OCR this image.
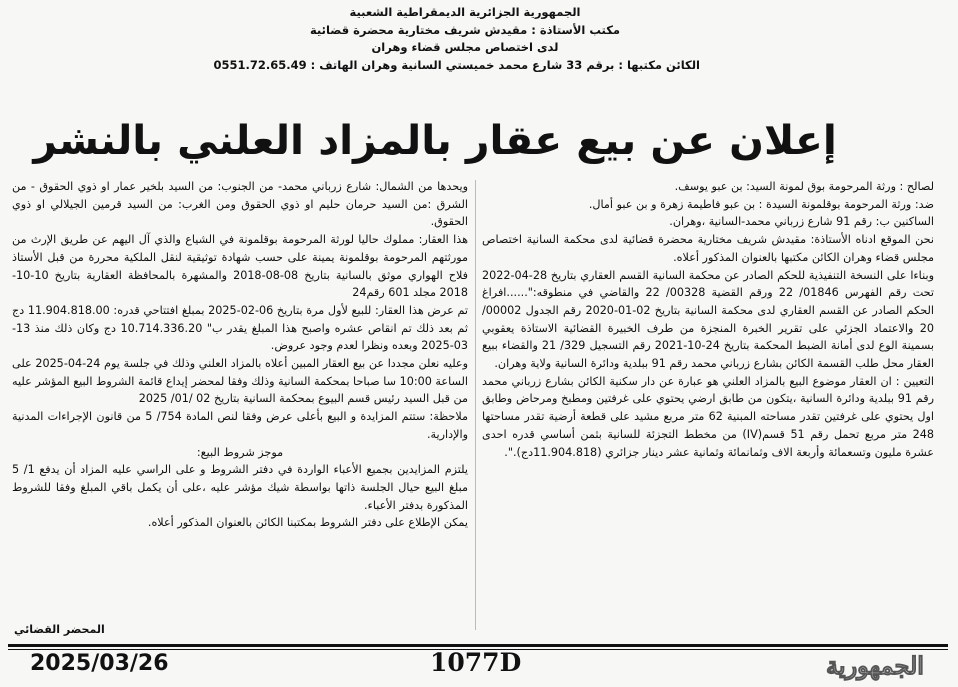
الجمهورية الجزائرية الديمقراطية الشعبية
مكتب الأستاذة : مقيدش شريف مختارية محضرة قضائية
لدى اختصاص مجلس قضاء وهران
الكائن مكتبها : برقم 33 شارع محمد خميستي السانية وهران الهاتف : 0551.72.65.49
إعلان عن بيع عقار بالمزاد العلني بالنشر

لصالح : ورثة المرحومة بوق لمونة السيد: بن عبو يوسف.

ضد: ورثة المرحومة بوقلمونة السيدة : بن عبو فاطيمة زهرة و بن عبو أمال.

الساكنين ب: رقم 91 شارع زرباني محمد-السانية ،وهران.

نحن الموقع ادناه الأستاذة: مقيدش شريف مختارية محضرة قضائية لدى محكمة السانية اختصاص مجلس قضاء وهران الكائن مكتبها بالعنوان المذكور أعلاه.

وبناءا على النسخة التنفيذية للحكم الصادر عن محكمة السانية القسم العقاري بتاريخ 28-04-2022 تحت رقم الفهرس 01846/ 22 ورقم القضية 00328/ 22 والقاضي في منطوقه:"......افراغ الحكم الصادر عن القسم العقاري لدى محكمة السانية بتاريخ 02-01-2020 رقم الجدول 00002/ 20 والاعتماد الجزئي على تقرير الخبرة المنجزة من طرف الخبيرة القضائية الاستاذة يعقوبي بسمينة الوع لدى أمانة الضبط المحكمة بتاريخ 24-10-2021 رقم التسجيل 329/ 21 والقضاء ببيع العقار محل طلب القسمة الكائن بشارع زرباني محمد رقم 91 ببلدية ودائرة السانية ولاية وهران.

التعيين : ان العقار موضوع البيع بالمزاد العلني هو عبارة عن دار سكنية الكائن بشارع زرباني محمد رقم 91 ببلدية ودائرة السانية ،يتكون من طابق ارضي يحتوي على غرفتين ومطبخ ومرحاض وطابق اول يحتوي على غرفتين تقدر مساحته المبنية 62 متر مربع مشيد على قطعة أرضية تقدر مساحتها 248 متر مربع تحمل رقم 51 قسم(IV) من مخطط التجزئة للسانية بثمن أساسي قدره احدى عشرة مليون وتسعمائة وأربعة الاف وثمانمائة وثمانية عشر دينار جزائري (11.904.818دج).".

ويحدها من الشمال: شارع زرباني محمد- من الجنوب: من السيد بلخير عمار او ذوي الحقوق - من الشرق :من السيد حرمان حليم او ذوي الحقوق ومن الغرب: من السيد قرمين الجيلالي او ذوي الحقوق.

هذا العقار: مملوك حاليا لورثة المرحومة بوقلمونة في الشياع والذي آل اليهم عن طريق الإرث من مورثتهم المرحومة بوقلمونة يمينة على حسب شهادة توثيقية لنقل الملكية محررة من قبل الأستاذ فلاح الهواري موثق بالسانية بتاريخ 08-08-2018 والمشهرة بالمحافظة العقارية بتاريخ 10-10-2018 مجلد 601 رقم24

تم عرض هذا العقار: للبيع لأول مرة بتاريخ 06-02-2025 بمبلغ افتتاحي قدره: 11.904.818.00 دج ثم بعد ذلك تم انقاص عشره واصبح هذا المبلغ يقدر ب" 10.714.336.20 دج وكان ذلك منذ 13-03-2025 وبعده ونظرا لعدم وجود عروض.

وعليه نعلن مجددا عن بيع العقار المبين أعلاه بالمزاد العلني وذلك في جلسة يوم 24-04-2025 على الساعة 10:00 سا صباحا بمحكمة السانية وذلك وفقا لمحضر إيداع قائمة الشروط البيع المؤشر عليه من قبل السيد رئيس قسم البيوع بمحكمة السانية بتاريخ 02 /01/ 2025

ملاحظة: ستتم المزايدة و البيع بأعلى عرض وفقا لنص المادة 754/ 5 من قانون الإجراءات المدنية والإدارية.

موجز شروط البيع:

يلتزم المزايدين بجميع الأعباء الواردة في دفتر الشروط و على الراسي عليه المزاد أن يدفع 1/ 5 مبلغ البيع حيال الجلسة ذاتها بواسطة شيك مؤشر عليه ،على أن يكمل باقي المبلغ وفقا للشروط المذكورة بدفتر الأعباء.

يمكن الإطلاع على دفتر الشروط بمكتبنا الكائن بالعنوان المذكور أعلاه.

المحضر القضائي
2025/03/26	1077D	الجمهورية
